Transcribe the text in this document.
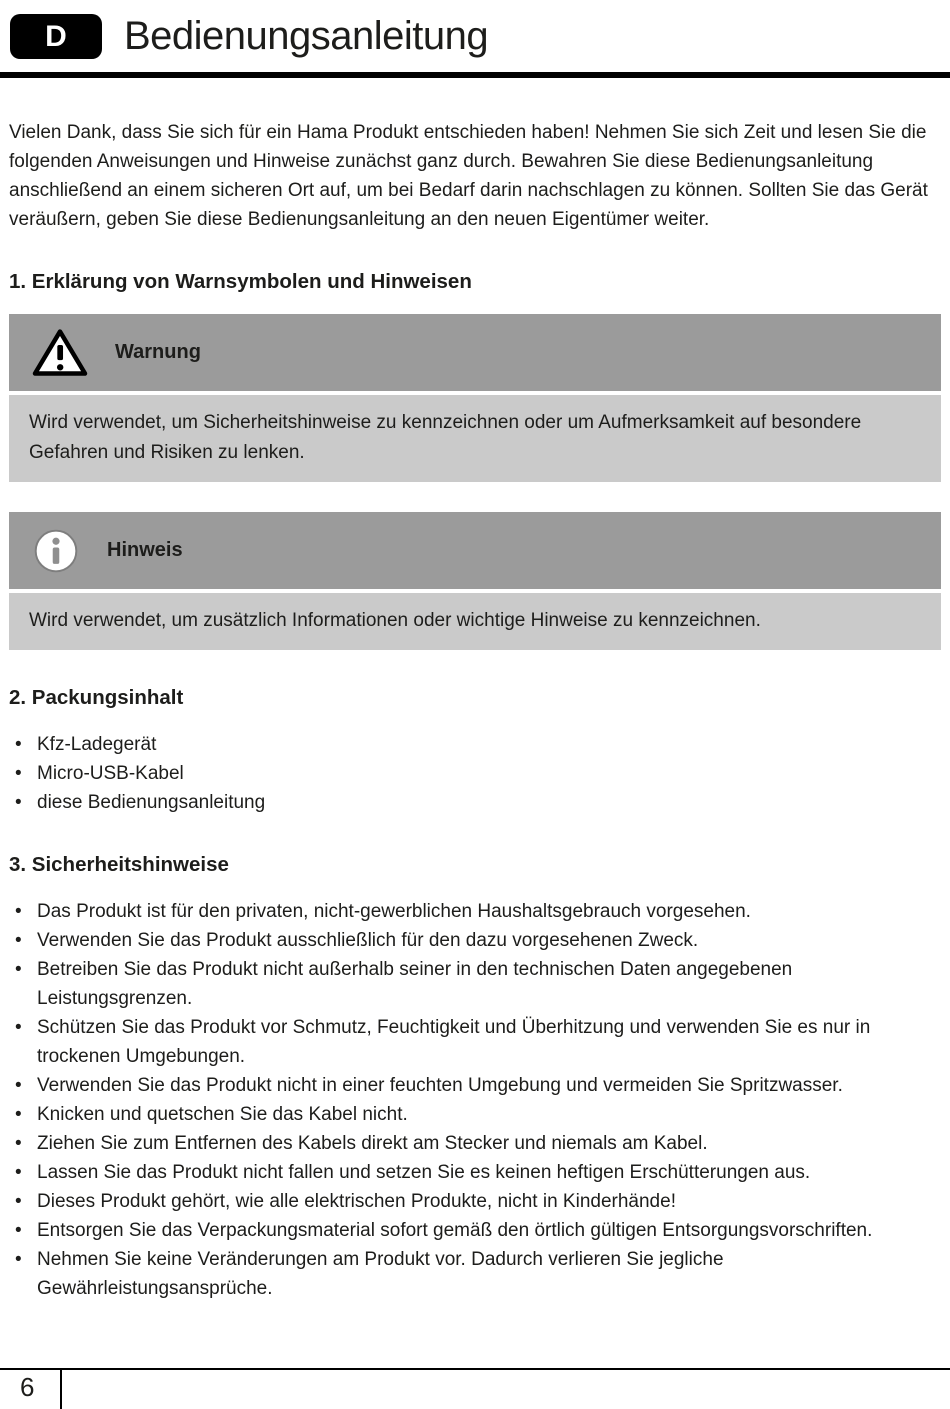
D	Bedienungsanleitung

Vielen Dank, dass Sie sich für ein Hama Produkt entschieden haben! Nehmen Sie sich Zeit und lesen Sie die folgenden Anweisungen und Hinweise zunächst ganz durch. Bewahren Sie diese Bedienungsanleitung anschließend an einem sicheren Ort auf, um bei Bedarf darin nachschlagen zu können. Sollten Sie das Gerät veräußern, geben Sie diese Bedienungsanleitung an den neuen Eigentümer weiter.

1. Erklärung von Warnsymbolen und Hinweisen
Warnung
Wird verwendet, um Sicherheitshinweise zu kennzeichnen oder um Aufmerksamkeit auf besondere Gefahren und Risiken zu lenken.
Hinweis
Wird verwendet, um zusätzlich Informationen oder wichtige Hinweise zu kennzeichnen.
2. Packungsinhalt
• Kfz-Ladegerät
• Micro-USB-Kabel
• diese Bedienungsanleitung
3. Sicherheitshinweise
• Das Produkt ist für den privaten, nicht-gewerblichen Haushaltsgebrauch vorgesehen.
• Verwenden Sie das Produkt ausschließlich für den dazu vorgesehenen Zweck.
• Betreiben Sie das Produkt nicht außerhalb seiner in den technischen Daten angegebenen Leistungsgrenzen.
• Schützen Sie das Produkt vor Schmutz, Feuchtigkeit und Überhitzung und verwenden Sie es nur in trockenen Umgebungen.
• Verwenden Sie das Produkt nicht in einer feuchten Umgebung und vermeiden Sie Spritzwasser.
• Knicken und quetschen Sie das Kabel nicht.
• Ziehen Sie zum Entfernen des Kabels direkt am Stecker und niemals am Kabel.
• Lassen Sie das Produkt nicht fallen und setzen Sie es keinen heftigen Erschütterungen aus.
• Dieses Produkt gehört, wie alle elektrischen Produkte, nicht in Kinderhände!
• Entsorgen Sie das Verpackungsmaterial sofort gemäß den örtlich gültigen Entsorgungsvorschriften.
• Nehmen Sie keine Veränderungen am Produkt vor. Dadurch verlieren Sie jegliche Gewährleistungsansprüche.
6
